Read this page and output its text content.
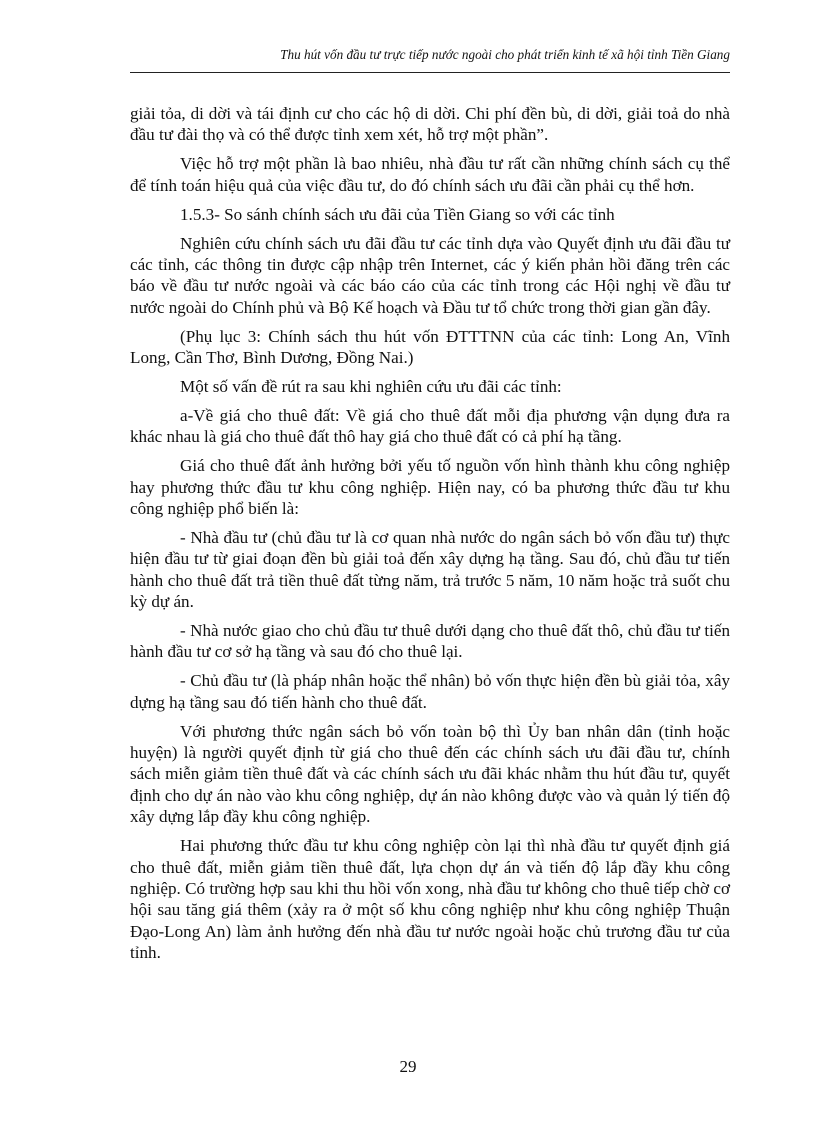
Thu hút vốn đầu tư trực tiếp nước ngoài cho phát triển kinh tế xã hội tỉnh Tiền Giang

giải tỏa, di dời và tái định cư cho các hộ di dời. Chi phí đền bù, di dời, giải toả do nhà đầu tư đài thọ và có thể được tỉnh xem xét, hỗ trợ một phần”.

Việc hỗ trợ một phần là bao nhiêu, nhà đầu tư rất cần những chính sách cụ thể để tính toán hiệu quả của việc đầu tư, do đó chính sách ưu đãi cần phải cụ thể hơn.

1.5.3- So sánh chính sách ưu đãi của Tiền Giang so với các tỉnh

Nghiên cứu chính sách ưu đãi đầu tư các tỉnh dựa vào Quyết định ưu đãi đầu tư các tỉnh, các thông tin được cập nhập trên Internet, các ý kiến phản hồi đăng trên các báo về đầu tư nước ngoài và các báo cáo của các tỉnh trong các Hội nghị về đầu tư nước ngoài do Chính phủ và Bộ Kế hoạch và Đầu tư tổ chức trong thời gian gần đây.

(Phụ lục 3: Chính sách thu hút vốn ĐTTTNN của các tỉnh: Long An, Vĩnh Long, Cần Thơ, Bình Dương, Đồng Nai.)

Một số vấn đề rút ra sau khi nghiên cứu ưu đãi các tỉnh:

a-Về giá cho thuê đất: Về giá cho thuê đất mỗi địa phương vận dụng đưa ra khác nhau là giá cho thuê đất thô hay giá cho thuê đất có cả phí hạ tầng.

Giá cho thuê đất ảnh hưởng bởi yếu tố nguồn vốn hình thành khu công nghiệp hay phương thức đầu tư khu công nghiệp. Hiện nay, có ba phương thức đầu tư khu công nghiệp phổ biến là:

- Nhà đầu tư (chủ đầu tư là cơ quan nhà nước do ngân sách bỏ vốn đầu tư) thực hiện đầu tư từ giai đoạn đền bù giải toả đến xây dựng hạ tầng. Sau đó, chủ đầu tư tiến hành cho thuê đất trả tiền thuê đất từng năm, trả trước 5 năm, 10 năm hoặc trả suốt chu kỳ dự án.

- Nhà nước giao cho chủ đầu tư thuê dưới dạng cho thuê đất thô, chủ đầu tư tiến hành đầu tư cơ sở hạ tầng và sau đó cho thuê lại.

- Chủ đầu tư (là pháp nhân hoặc thể nhân) bỏ vốn thực hiện đền bù giải tỏa, xây dựng hạ tầng sau đó tiến hành cho thuê đất.

Với phương thức ngân sách bỏ vốn toàn bộ thì Ủy ban nhân dân (tỉnh hoặc huyện) là người quyết định từ giá cho thuê đến các chính sách ưu đãi đầu tư, chính sách miễn giảm tiền thuê đất và các chính sách ưu đãi khác nhằm thu hút đầu tư, quyết định cho dự án nào vào khu công nghiệp, dự án nào không được vào và quản lý tiến độ xây dựng lắp đầy khu công nghiệp.

Hai phương thức đầu tư khu công nghiệp còn lại thì nhà đầu tư quyết định giá cho thuê đất, miễn giảm tiền thuê đất, lựa chọn dự án và tiến độ lắp đầy khu công nghiệp. Có trường hợp sau khi thu hồi vốn xong, nhà đầu tư không cho thuê tiếp chờ cơ hội sau tăng giá thêm (xảy ra ở một số khu công nghiệp như khu công nghiệp Thuận Đạo-Long An) làm ảnh hưởng đến nhà đầu tư nước ngoài hoặc chủ trương đầu tư của tỉnh.

29
